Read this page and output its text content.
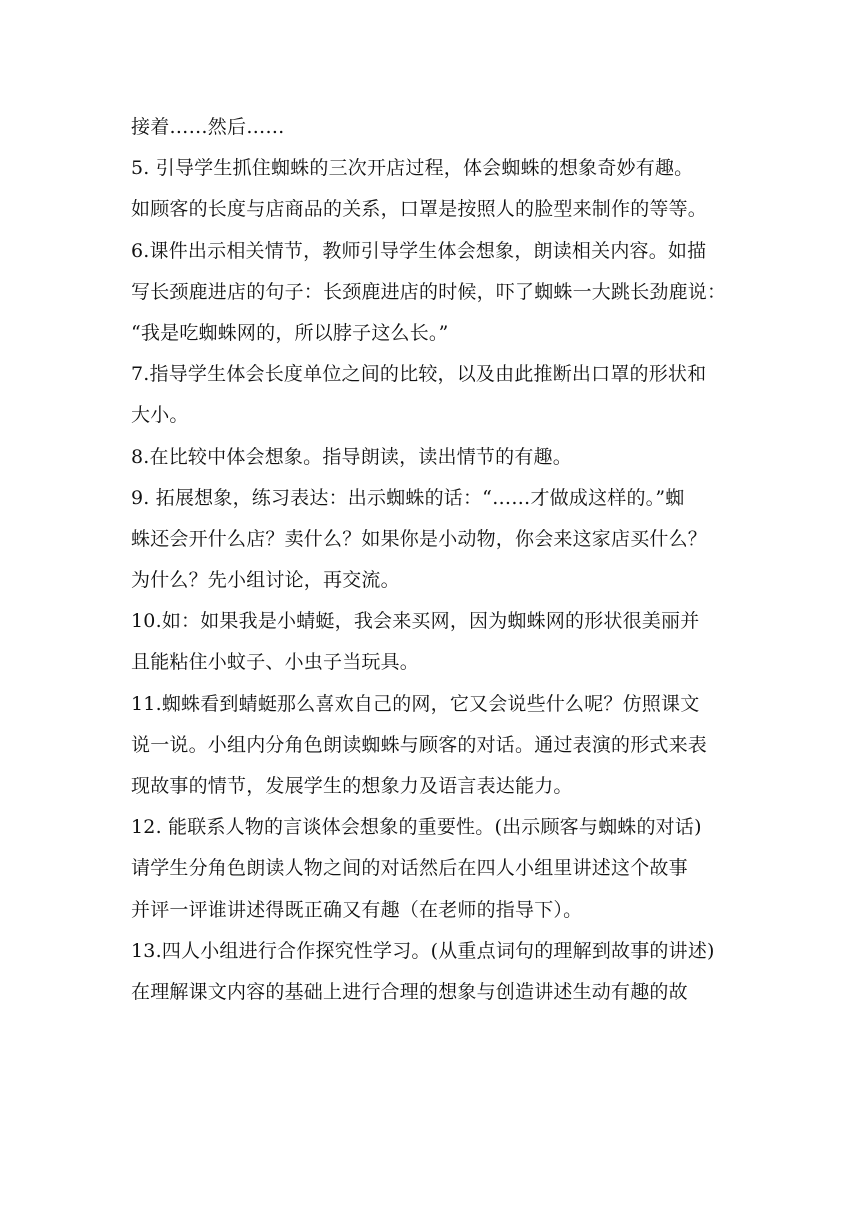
接着……然后……
5. 引导学生抓住蜘蛛的三次开店过程，体会蜘蛛的想象奇妙有趣。
如顾客的长度与店商品的关系，口罩是按照人的脸型来制作的等等。
6.课件出示相关情节，教师引导学生体会想象，朗读相关内容。如描
写长颈鹿进店的句子：长颈鹿进店的时候，吓了蜘蛛一大跳长劲鹿说：
“我是吃蜘蛛网的，所以脖子这么长。”
7.指导学生体会长度单位之间的比较，以及由此推断出口罩的形状和
大小。
8.在比较中体会想象。指导朗读，读出情节的有趣。
9. 拓展想象，练习表达：出示蜘蛛的话：“……才做成这样的。”蜘
蛛还会开什么店？卖什么？如果你是小动物，你会来这家店买什么？
为什么？先小组讨论，再交流。
10.如：如果我是小蜻蜓，我会来买网，因为蜘蛛网的形状很美丽并
且能粘住小蚊子、小虫子当玩具。
11.蜘蛛看到蜻蜓那么喜欢自己的网，它又会说些什么呢？仿照课文
说一说。小组内分角色朗读蜘蛛与顾客的对话。通过表演的形式来表
现故事的情节，发展学生的想象力及语言表达能力。
12. 能联系人物的言谈体会想象的重要性。(出示顾客与蜘蛛的对话)
请学生分角色朗读人物之间的对话然后在四人小组里讲述这个故事
并评一评谁讲述得既正确又有趣（在老师的指导下）。
13.四人小组进行合作探究性学习。(从重点词句的理解到故事的讲述)
在理解课文内容的基础上进行合理的想象与创造讲述生动有趣的故
